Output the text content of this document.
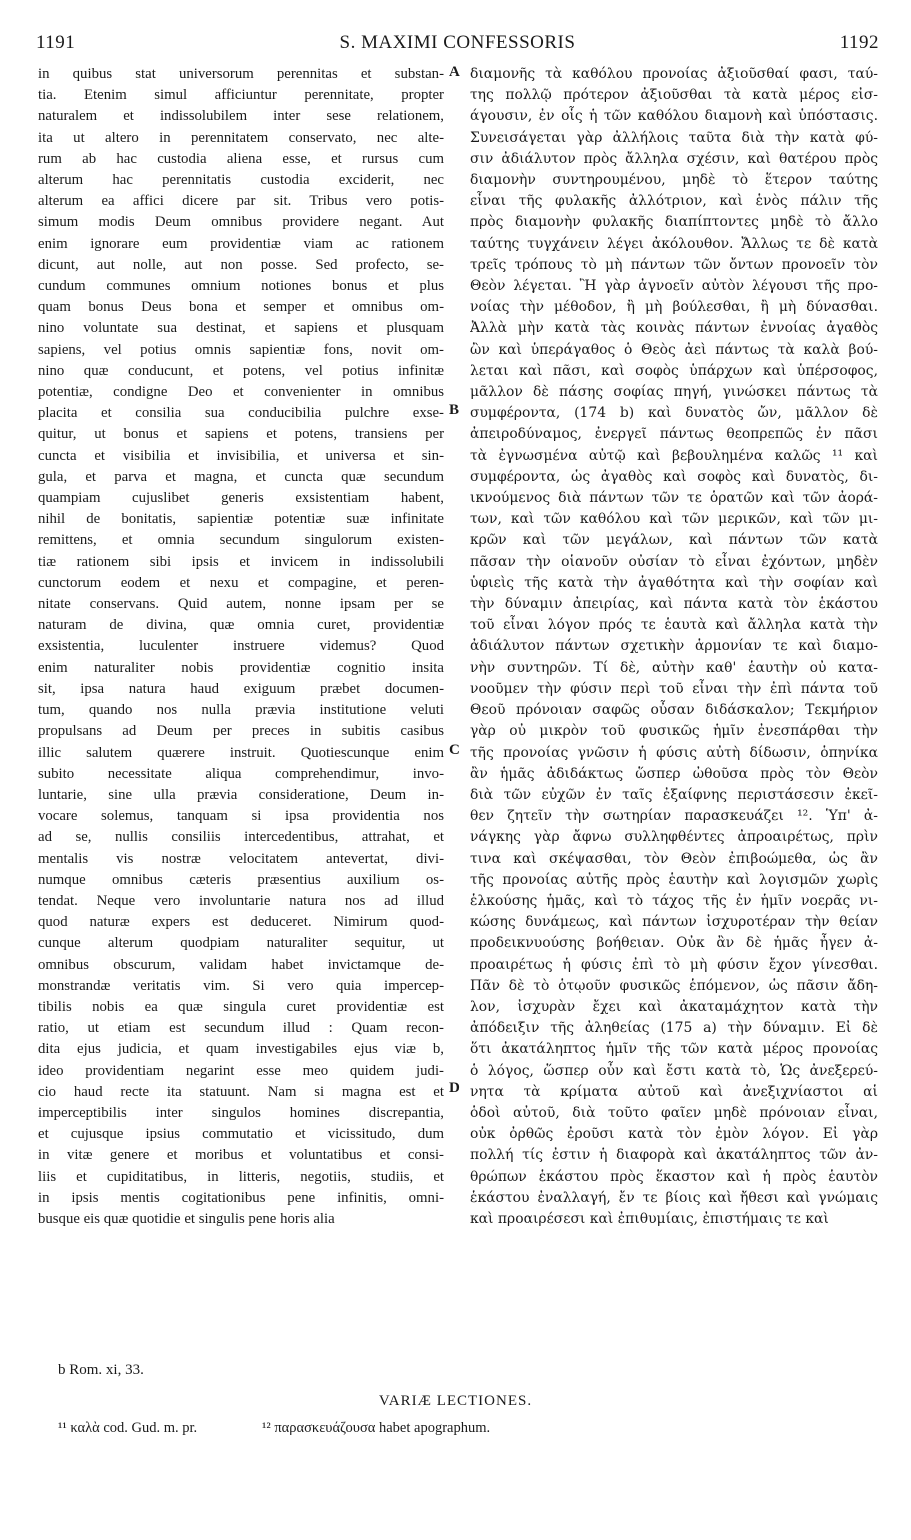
1191	S. MAXIMI CONFESSORIS	1192
in quibus stat universorum perennitas et substan-
tia. Etenim simul afficiuntur perennitate, propter
naturalem et indissolubilem inter sese relationem,
ita ut altero in perennitatem conservato, nec alte-
rum ab hac custodia aliena esse, et rursus cum
alterum hac perennitatis custodia exciderit, nec
alterum ea affici dicere par sit. Tribus vero potis-
simum modis Deum omnibus providere negant. Aut
enim ignorare eum providentiæ viam ac rationem
dicunt, aut nolle, aut non posse. Sed profecto, se-
cundum communes omnium notiones bonus et plus
quam bonus Deus bona et semper et omnibus om-
nino voluntate sua destinat, et sapiens et plusquam
sapiens, vel potius omnis sapientiæ fons, novit om-
nino quæ conducunt, et potens, vel potius infinitæ
potentiæ, condigne Deo et convenienter in omnibus
placita et consilia sua conducibilia pulchre exse-
quitur, ut bonus et sapiens et potens, transiens per
cuncta et visibilia et invisibilia, et universa et sin-
gula, et parva et magna, et cuncta quæ secundum
quampiam cujuslibet generis exsistentiam habent,
nihil de bonitatis, sapientiæ potentiæ suæ infinitate
remittens, et omnia secundum singulorum existen-
tiæ rationem sibi ipsis et invicem in indissolubili
cunctorum eodem et nexu et compagine, et peren-
nitate conservans. Quid autem, nonne ipsam per se
naturam de divina, quæ omnia curet, providentiæ
exsistentia, luculenter instruere videmus? Quod
enim naturaliter nobis providentiæ cognitio insita
sit, ipsa natura haud exiguum præbet documen-
tum, quando nos nulla prævia institutione veluti
propulsans ad Deum per preces in subitis casibus
illic salutem quærere instruit. Quotiescunque enim
subito necessitate aliqua comprehendimur, invo-
luntarie, sine ulla prævia consideratione, Deum in-
vocare solemus, tanquam si ipsa providentia nos
ad se, nullis consiliis intercedentibus, attrahat, et
mentalis vis nostræ velocitatem antevertat, divi-
numque omnibus cæteris præsentius auxilium os-
tendat. Neque vero involuntarie natura nos ad illud
quod naturæ expers est deduceret. Nimirum quod-
cunque alterum quodpiam naturaliter sequitur, ut
omnibus obscurum, validam habet invictamque de-
monstrandæ veritatis vim. Si vero quia impercep-
tibilis nobis ea quæ singula curet providentiæ est
ratio, ut etiam est secundum illud : Quam recon-
dita ejus judicia, et quam investigabiles ejus viæ b,
ideo providentiam negarint esse meo quidem judi-
cio haud recte ita statuunt. Nam si magna est et
imperceptibilis inter singulos homines discrepantia,
et cujusque ipsius commutatio et vicissitudo, dum
in vitæ genere et moribus et voluntatibus et consi-
liis et cupiditatibus, in litteris, negotiis, studiis, et
in ipsis mentis cogitationibus pene infinitis, omni-
busque eis quæ quotidie et singulis pene horis alia
διαμονῆς τὰ καθόλου προνοίας ἀξιοῦσθαί φασι, ταύ-
της πολλῷ πρότερον ἀξιοῦσθαι τὰ κατὰ μέρος εἰσ-
άγουσιν, ἐν οἷς ἡ τῶν καθόλου διαμονὴ καὶ ὑπόστασις.
Συνεισάγεται γὰρ ἀλλήλοις ταῦτα διὰ τὴν κατὰ φύ-
σιν ἀδιάλυτον πρὸς ἄλληλα σχέσιν, καὶ θατέρου πρὸς
διαμονὴν συντηρουμένου, μηδὲ τὸ ἕτερον ταύτης
εἶναι τῆς φυλακῆς ἀλλότριον, καὶ ἑνὸς πάλιν τῆς
πρὸς διαμονὴν φυλακῆς διαπίπτοντες μηδὲ τὸ ἄλλο
ταύτης τυγχάνειν λέγει ἀκόλουθον. Ἄλλως τε δὲ κατὰ
τρεῖς τρόπους τὸ μὴ πάντων τῶν ὄντων προνοεῖν τὸν
Θεὸν λέγεται. Ἢ γὰρ ἀγνοεῖν αὐτὸν λέγουσι τῆς προ-
νοίας τὴν μέθοδον, ἢ μὴ βούλεσθαι, ἢ μὴ δύνασθαι.
Ἀλλὰ μὴν κατὰ τὰς κοινὰς πάντων ἐννοίας ἀγαθὸς
ὢν καὶ ὑπεράγαθος ὁ Θεὸς ἀεὶ πάντως τὰ καλὰ βού-
λεται καὶ πᾶσι, καὶ σοφὸς ὑπάρχων καὶ ὑπέρσοφος,
μᾶλλον δὲ πάσης σοφίας πηγή, γινώσκει πάντως τὰ
συμφέροντα, (174 b) καὶ δυνατὸς ὤν, μᾶλλον δὲ
ἀπειροδύναμος, ἐνεργεῖ πάντως θεοπρεπῶς ἐν πᾶσι
τὰ ἐγνωσμένα αὐτῷ καὶ βεβουλημένα καλῶς ¹¹ καὶ
συμφέροντα, ὡς ἀγαθὸς καὶ σοφὸς καὶ δυνατὸς, δι-
ικνούμενος διὰ πάντων τῶν τε ὁρατῶν καὶ τῶν ἀορά-
των, καὶ τῶν καθόλου καὶ τῶν μερικῶν, καὶ τῶν μι-
κρῶν καὶ τῶν μεγάλων, καὶ πάντων τῶν κατὰ
πᾶσαν τὴν οἱανοῦν οὐσίαν τὸ εἶναι ἐχόντων, μηδὲν
ὑφιεὶς τῆς κατὰ τὴν ἀγαθότητα καὶ τὴν σοφίαν καὶ
τὴν δύναμιν ἀπειρίας, καὶ πάντα κατὰ τὸν ἑκάστου
τοῦ εἶναι λόγον πρός τε ἑαυτὰ καὶ ἄλληλα κατὰ τὴν
ἀδιάλυτον πάντων σχετικὴν ἁρμονίαν τε καὶ διαμο-
νὴν συντηρῶν. Τί δὲ, αὐτὴν καθ' ἑαυτὴν οὐ κατα-
νοοῦμεν τὴν φύσιν περὶ τοῦ εἶναι τὴν ἐπὶ πάντα τοῦ
Θεοῦ πρόνοιαν σαφῶς οὖσαν διδάσκαλον; Τεκμήριον
γὰρ οὐ μικρὸν τοῦ φυσικῶς ἡμῖν ἐνεσπάρθαι τὴν
τῆς προνοίας γνῶσιν ἡ φύσις αὐτὴ δίδωσιν, ὁπηνίκα
ἂν ἡμᾶς ἀδιδάκτως ὥσπερ ὠθοῦσα πρὸς τὸν Θεὸν
διὰ τῶν εὐχῶν ἐν ταῖς ἐξαίφνης περιστάσεσιν ἐκεῖ-
θεν ζητεῖν τὴν σωτηρίαν παρασκευάζει ¹². Ὑπ' ἀ-
νάγκης γὰρ ἄφνω συλληφθέντες ἀπροαιρέτως, πρὶν
τινα καὶ σκέψασθαι, τὸν Θεὸν ἐπιβοώμεθα, ὡς ἂν
τῆς προνοίας αὐτῆς πρὸς ἑαυτὴν καὶ λογισμῶν χωρὶς
ἑλκούσης ἡμᾶς, καὶ τὸ τάχος τῆς ἐν ἡμῖν νοερᾶς νι-
κώσης δυνάμεως, καὶ πάντων ἰσχυροτέραν τὴν θείαν
προδεικνυούσης βοήθειαν. Οὐκ ἂν δὲ ἡμᾶς ἦγεν ἀ-
προαιρέτως ἡ φύσις ἐπὶ τὸ μὴ φύσιν ἔχον γίνεσθαι.
Πᾶν δὲ τὸ ὁτῳοῦν φυσικῶς ἑπόμενον, ὡς πᾶσιν ἄδη-
λον, ἰσχυρὰν ἔχει καὶ ἀκαταμάχητον κατὰ τὴν
ἀπόδειξιν τῆς ἀληθείας (175 a) τὴν δύναμιν. Εἰ δὲ
ὅτι ἀκατάληπτος ἡμῖν τῆς τῶν κατὰ μέρος προνοίας
ὁ λόγος, ὥσπερ οὖν καὶ ἔστι κατὰ τὸ, Ὡς ἀνεξερεύ-
νητα τὰ κρίματα αὐτοῦ καὶ ἀνεξιχνίαστοι αἱ
ὁδοὶ αὐτοῦ, διὰ τοῦτο φαῖεν μηδὲ πρόνοιαν εἶναι,
οὐκ ὀρθῶς ἐροῦσι κατὰ τὸν ἐμὸν λόγον. Εἰ γὰρ
πολλή τίς ἐστιν ἡ διαφορὰ καὶ ἀκατάληπτος τῶν ἀν-
θρώπων ἑκάστου πρὸς ἕκαστον καὶ ἡ πρὸς ἑαυτὸν
ἑκάστου ἐναλλαγή, ἔν τε βίοις καὶ ἤθεσι καὶ γνώμαις
καὶ προαιρέσεσι καὶ ἐπιθυμίαις, ἐπιστήμαις τε καὶ
A
B
C
D
b Rom. xi, 33.
VARIÆ LECTIONES.
¹¹ καλὰ cod. Gud. m. pr.	¹² παρασκευάζουσα habet apographum.
